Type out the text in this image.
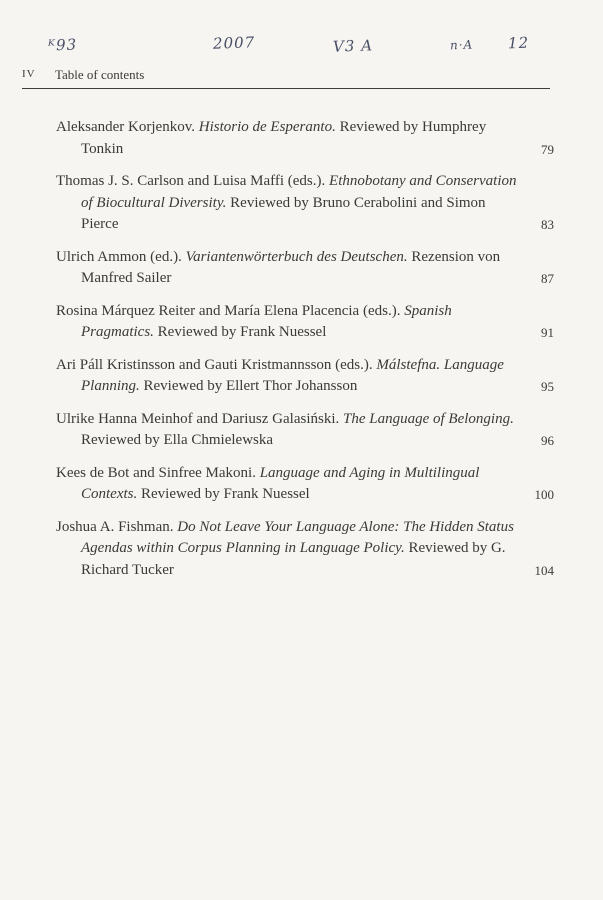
ᴷ93	2007	V3 A	n·A 12
IV Table of contents
Aleksander Korjenkov. Historio de Esperanto. Reviewed by Humphrey Tonkin	79
Thomas J. S. Carlson and Luisa Maffi (eds.). Ethnobotany and Conservation of Biocultural Diversity. Reviewed by Bruno Cerabolini and Simon Pierce	83
Ulrich Ammon (ed.). Variantenwörterbuch des Deutschen. Rezension von Manfred Sailer	87
Rosina Márquez Reiter and María Elena Placencia (eds.). Spanish Pragmatics. Reviewed by Frank Nuessel	91
Ari Páll Kristinsson and Gauti Kristmannsson (eds.). Málstefna. Language Planning. Reviewed by Ellert Thor Johansson	95
Ulrike Hanna Meinhof and Dariusz Galasiński. The Language of Belonging. Reviewed by Ella Chmielewska	96
Kees de Bot and Sinfree Makoni. Language and Aging in Multilingual Contexts. Reviewed by Frank Nuessel	100
Joshua A. Fishman. Do Not Leave Your Language Alone: The Hidden Status Agendas within Corpus Planning in Language Policy. Reviewed by G. Richard Tucker	104
